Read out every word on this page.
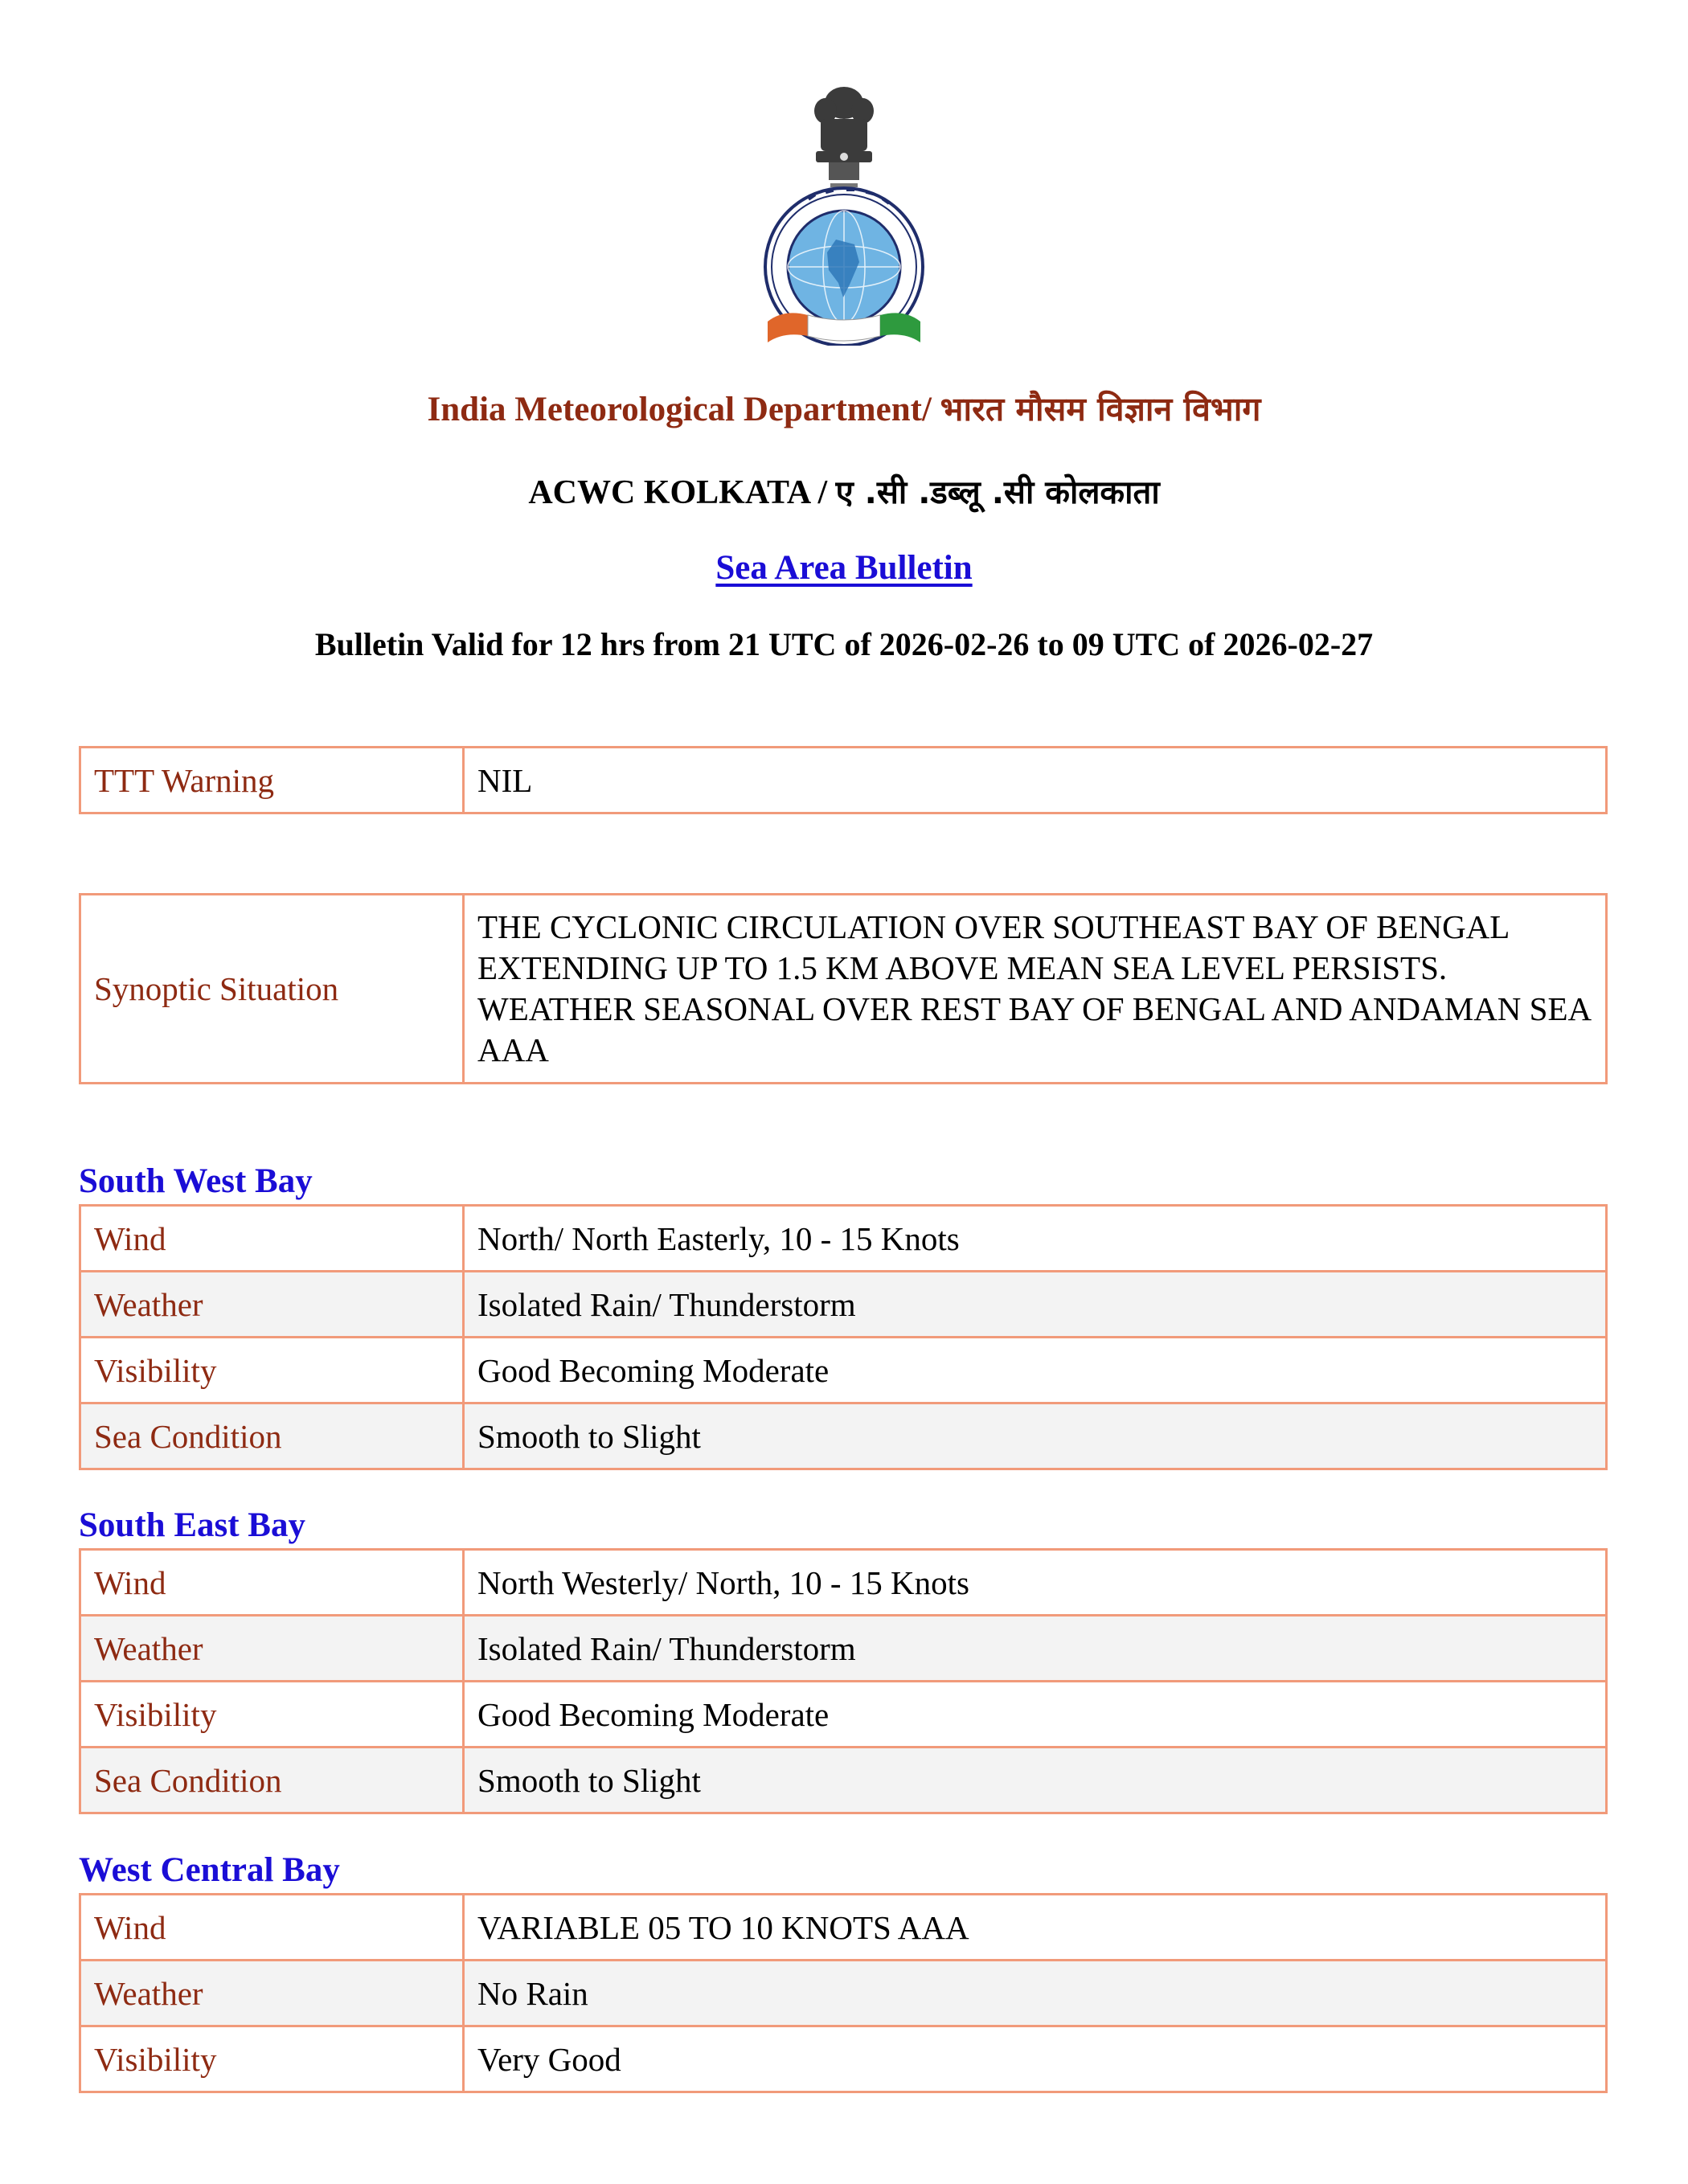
India Meteorological Department/ भारत मौसम विज्ञान विभाग
ACWC KOLKATA / ए .सी .डब्लू .सी कोलकाता
Sea Area Bulletin
Bulletin Valid for 12 hrs from 21 UTC of 2026-02-26 to 09 UTC of 2026-02-27
TTT Warning	NIL
Synoptic Situation	THE CYCLONIC CIRCULATION OVER SOUTHEAST BAY OF BENGAL EXTENDING UP TO 1.5 KM ABOVE MEAN SEA LEVEL PERSISTS. WEATHER SEASONAL OVER REST BAY OF BENGAL AND ANDAMAN SEA AAA
South West Bay
Wind	North/ North Easterly, 10 - 15 Knots
Weather	Isolated Rain/ Thunderstorm
Visibility	Good Becoming Moderate
Sea Condition	Smooth to Slight
South East Bay
Wind	North Westerly/ North, 10 - 15 Knots
Weather	Isolated Rain/ Thunderstorm
Visibility	Good Becoming Moderate
Sea Condition	Smooth to Slight
West Central Bay
Wind	VARIABLE 05 TO 10 KNOTS AAA
Weather	No Rain
Visibility	Very Good
